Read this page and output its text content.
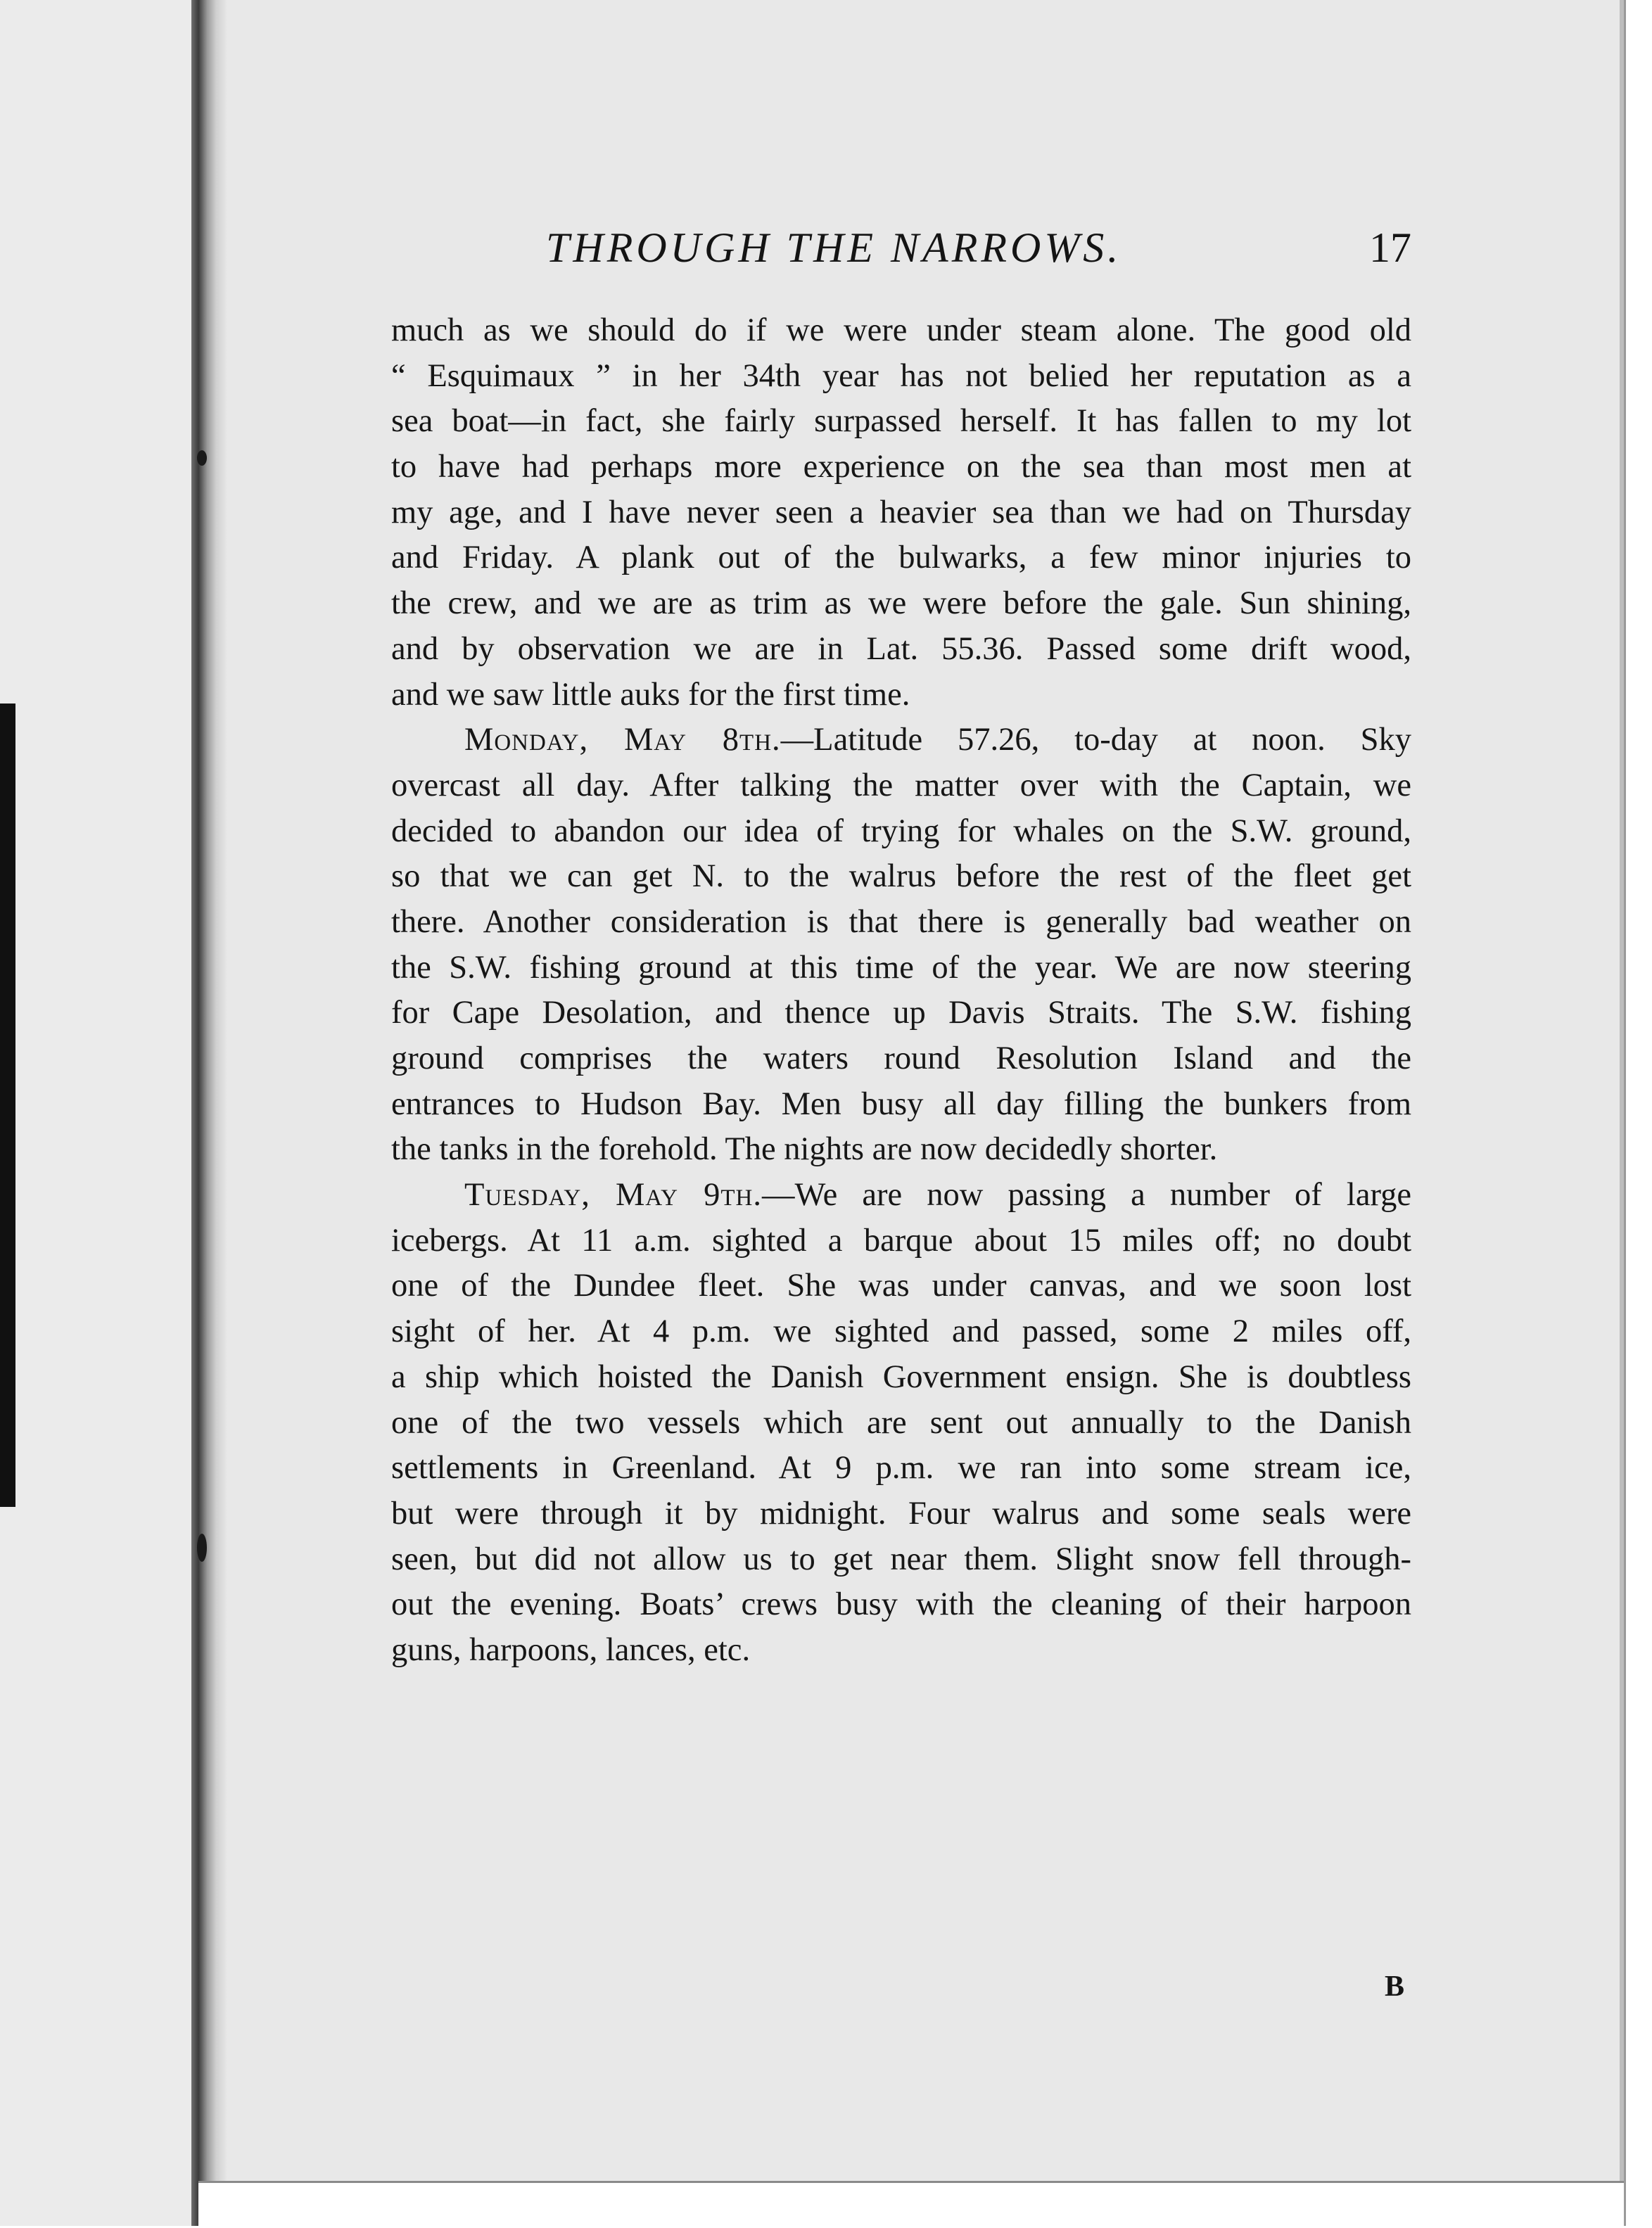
THROUGH THE NARROWS.	17
much as we should do if we were under steam alone. The good old
“ Esquimaux ” in her 34th year has not belied her reputation as a
sea boat—in fact, she fairly surpassed herself. It has fallen to my lot
to have had perhaps more experience on the sea than most men at
my age, and I have never seen a heavier sea than we had on Thursday
and Friday. A plank out of the bulwarks, a few minor injuries to
the crew, and we are as trim as we were before the gale. Sun shining,
and by observation we are in Lat. 55.36. Passed some drift wood,
and we saw little auks for the first time.
Monday, May 8th.—Latitude 57.26, to-day at noon. Sky
overcast all day. After talking the matter over with the Captain, we
decided to abandon our idea of trying for whales on the S.W. ground,
so that we can get N. to the walrus before the rest of the fleet get
there. Another consideration is that there is generally bad weather on
the S.W. fishing ground at this time of the year. We are now steering
for Cape Desolation, and thence up Davis Straits. The S.W. fishing
ground comprises the waters round Resolution Island and the
entrances to Hudson Bay. Men busy all day filling the bunkers from
the tanks in the forehold. The nights are now decidedly shorter.
Tuesday, May 9th.—We are now passing a number of large
icebergs. At 11 a.m. sighted a barque about 15 miles off; no doubt
one of the Dundee fleet. She was under canvas, and we soon lost
sight of her. At 4 p.m. we sighted and passed, some 2 miles off,
a ship which hoisted the Danish Government ensign. She is doubtless
one of the two vessels which are sent out annually to the Danish
settlements in Greenland. At 9 p.m. we ran into some stream ice,
but were through it by midnight. Four walrus and some seals were
seen, but did not allow us to get near them. Slight snow fell through-
out the evening. Boats’ crews busy with the cleaning of their harpoon
guns, harpoons, lances, etc.
B
